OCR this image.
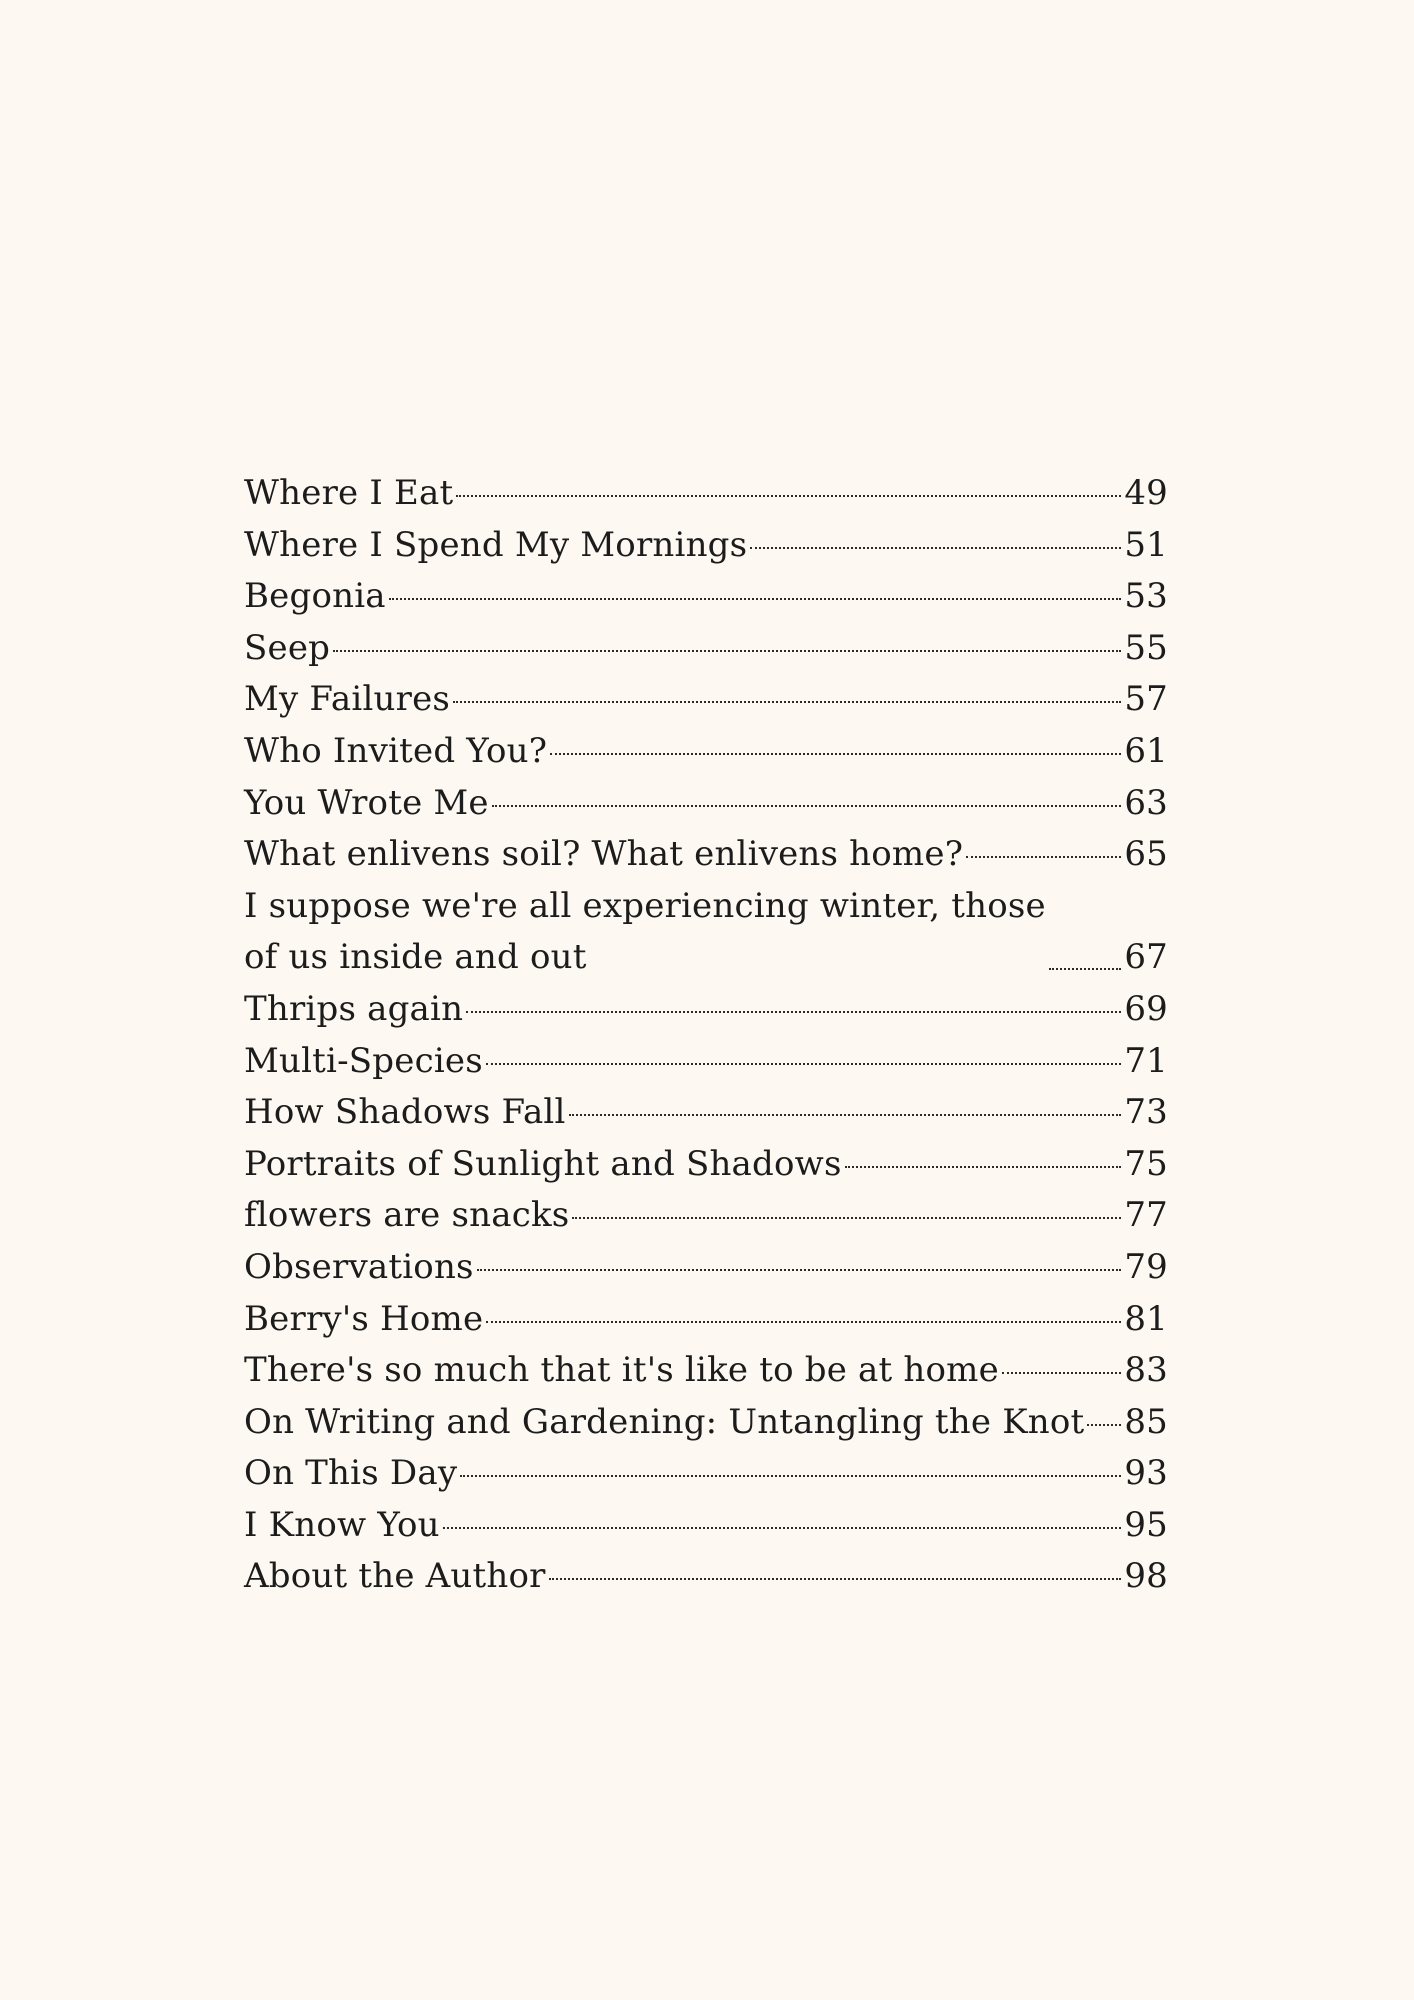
Where I Eat	49
Where I Spend My Mornings	51
Begonia	53
Seep	55
My Failures	57
Who Invited You?	61
You Wrote Me	63
What enlivens soil? What enlivens home?	65
I suppose we're all experiencing winter, those
of us inside and out	67
Thrips again	69
Multi-Species	71
How Shadows Fall	73
Portraits of Sunlight and Shadows	75
flowers are snacks	77
Observations	79
Berry's Home	81
There's so much that it's like to be at home	83
On Writing and Gardening: Untangling the Knot 85
On This Day	93
I Know You	95
About the Author	98
